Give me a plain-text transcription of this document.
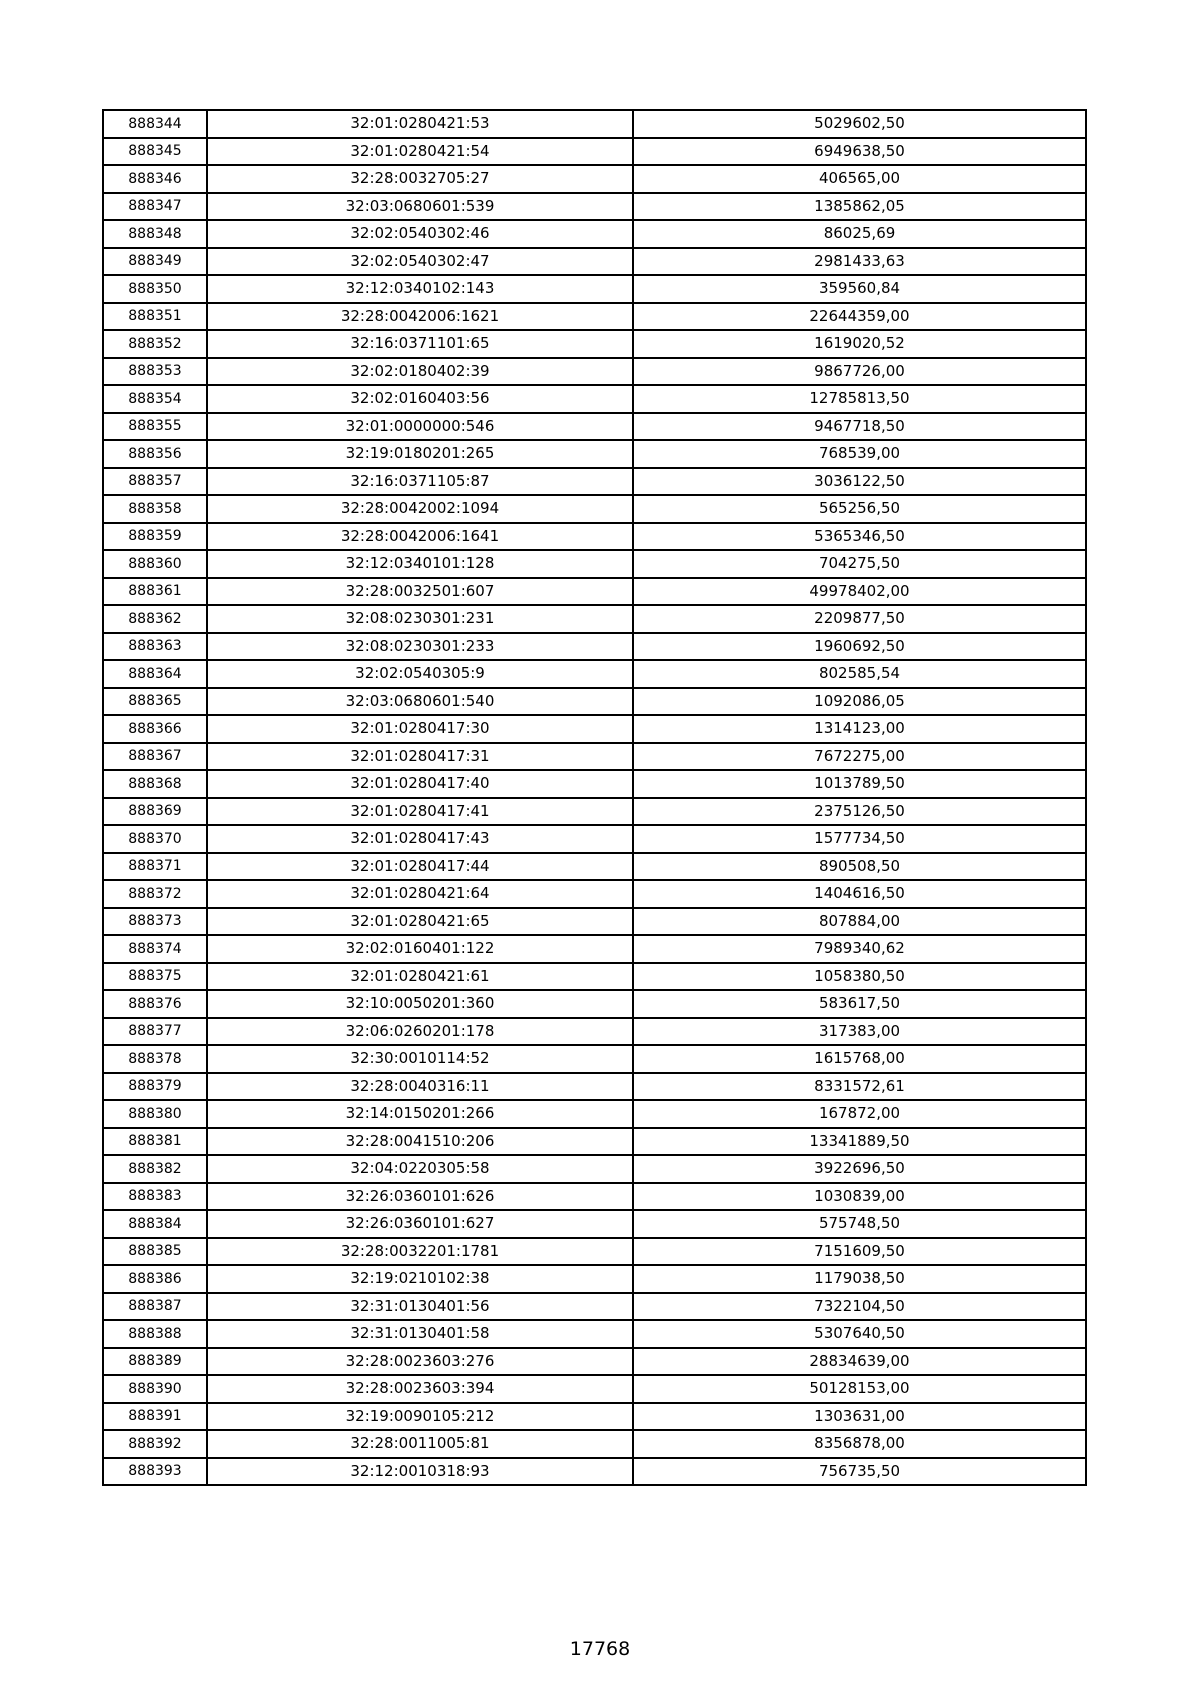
888344	32:01:0280421:53	5029602,50
888345	32:01:0280421:54	6949638,50
888346	32:28:0032705:27	406565,00
888347	32:03:0680601:539	1385862,05
888348	32:02:0540302:46	86025,69
888349	32:02:0540302:47	2981433,63
888350	32:12:0340102:143	359560,84
888351	32:28:0042006:1621	22644359,00
888352	32:16:0371101:65	1619020,52
888353	32:02:0180402:39	9867726,00
888354	32:02:0160403:56	12785813,50
888355	32:01:0000000:546	9467718,50
888356	32:19:0180201:265	768539,00
888357	32:16:0371105:87	3036122,50
888358	32:28:0042002:1094	565256,50
888359	32:28:0042006:1641	5365346,50
888360	32:12:0340101:128	704275,50
888361	32:28:0032501:607	49978402,00
888362	32:08:0230301:231	2209877,50
888363	32:08:0230301:233	1960692,50
888364	32:02:0540305:9	802585,54
888365	32:03:0680601:540	1092086,05
888366	32:01:0280417:30	1314123,00
888367	32:01:0280417:31	7672275,00
888368	32:01:0280417:40	1013789,50
888369	32:01:0280417:41	2375126,50
888370	32:01:0280417:43	1577734,50
888371	32:01:0280417:44	890508,50
888372	32:01:0280421:64	1404616,50
888373	32:01:0280421:65	807884,00
888374	32:02:0160401:122	7989340,62
888375	32:01:0280421:61	1058380,50
888376	32:10:0050201:360	583617,50
888377	32:06:0260201:178	317383,00
888378	32:30:0010114:52	1615768,00
888379	32:28:0040316:11	8331572,61
888380	32:14:0150201:266	167872,00
888381	32:28:0041510:206	13341889,50
888382	32:04:0220305:58	3922696,50
888383	32:26:0360101:626	1030839,00
888384	32:26:0360101:627	575748,50
888385	32:28:0032201:1781	7151609,50
888386	32:19:0210102:38	1179038,50
888387	32:31:0130401:56	7322104,50
888388	32:31:0130401:58	5307640,50
888389	32:28:0023603:276	28834639,00
888390	32:28:0023603:394	50128153,00
888391	32:19:0090105:212	1303631,00
888392	32:28:0011005:81	8356878,00
888393	32:12:0010318:93	756735,50
17768
